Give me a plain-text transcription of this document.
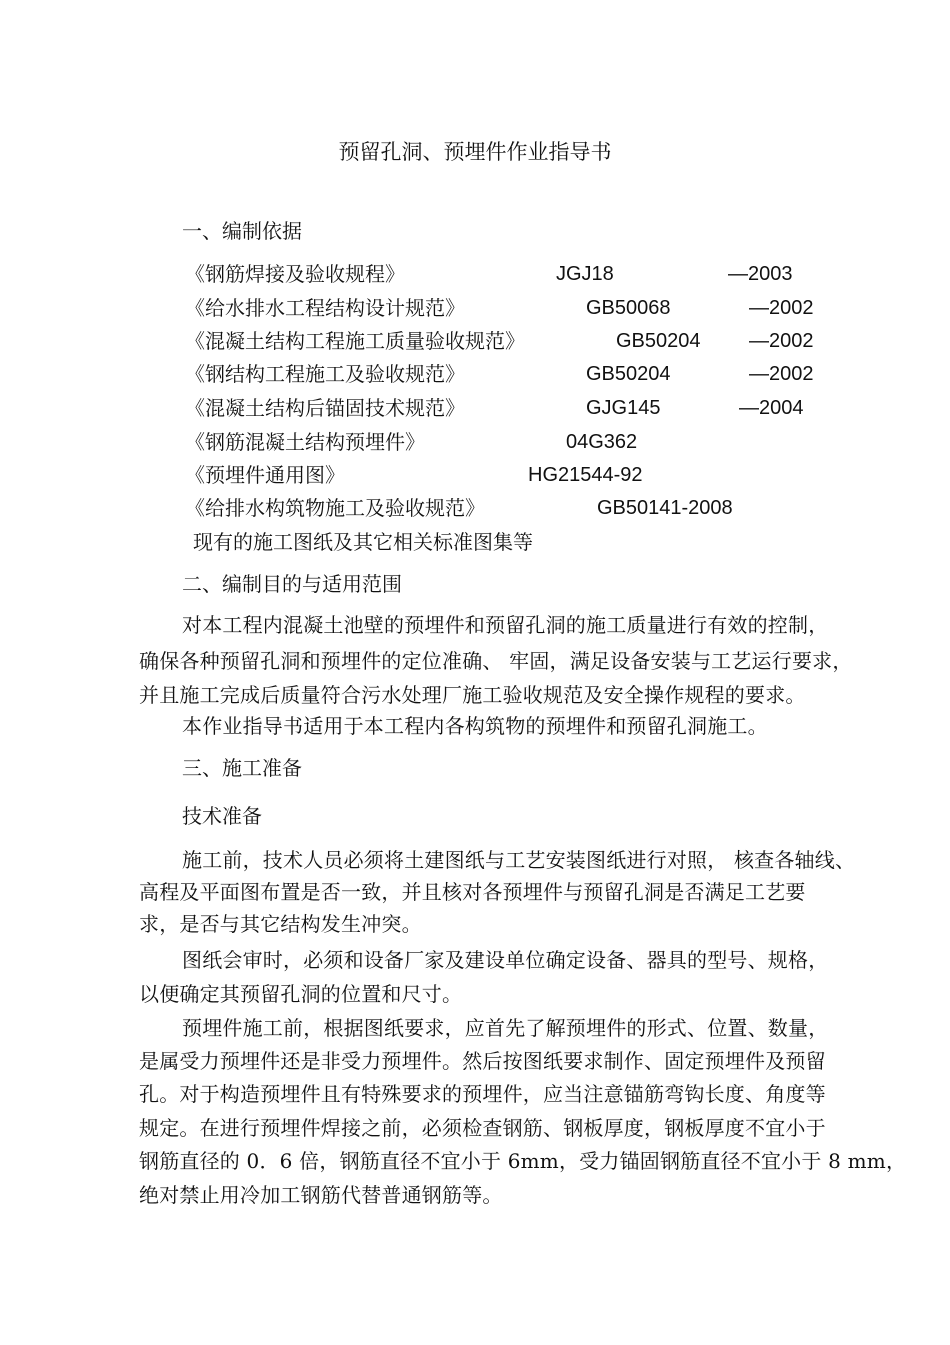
预留孔洞、预埋件作业指导书
一、编制依据
《钢筋焊接及验收规程》	JGJ18	—2003
《给水排水工程结构设计规范》	GB50068	—2002
《混凝土结构工程施工质量验收规范》	GB50204 —2002
《钢结构工程施工及验收规范》	GB50204	—2002
《混凝土结构后锚固技术规范》	GJG145	—2004
《钢筋混凝土结构预埋件》	04G362
《预埋件通用图》	HG21544-92
《给排水构筑物施工及验收规范》	GB50141-2008
现有的施工图纸及其它相关标准图集等
二、编制目的与适用范围
对本工程内混凝土池壁的预埋件和预留孔洞的施工质量进行有效的控制，
确保各种预留孔洞和预埋件的定位准确、 牢固，满足设备安装与工艺运行要求，
并且施工完成后质量符合污水处理厂施工验收规范及安全操作规程的要求。
本作业指导书适用于本工程内各构筑物的预埋件和预留孔洞施工。
三、施工准备
技术准备
施工前，技术人员必须将土建图纸与工艺安装图纸进行对照， 核查各轴线、
高程及平面图布置是否一致，并且核对各预埋件与预留孔洞是否满足工艺要
求，是否与其它结构发生冲突。
图纸会审时，必须和设备厂家及建设单位确定设备、器具的型号、规格，
以便确定其预留孔洞的位置和尺寸。
预埋件施工前，根据图纸要求，应首先了解预埋件的形式、位置、数量，
是属受力预埋件还是非受力预埋件。然后按图纸要求制作、固定预埋件及预留
孔。对于构造预埋件且有特殊要求的预埋件，应当注意锚筋弯钩长度、角度等
规定。在进行预埋件焊接之前，必须检查钢筋、钢板厚度，钢板厚度不宜小于
钢筋直径的 0．6 倍，钢筋直径不宜小于 6mm，受力锚固钢筋直径不宜小于 8 mm，
绝对禁止用冷加工钢筋代替普通钢筋等。
